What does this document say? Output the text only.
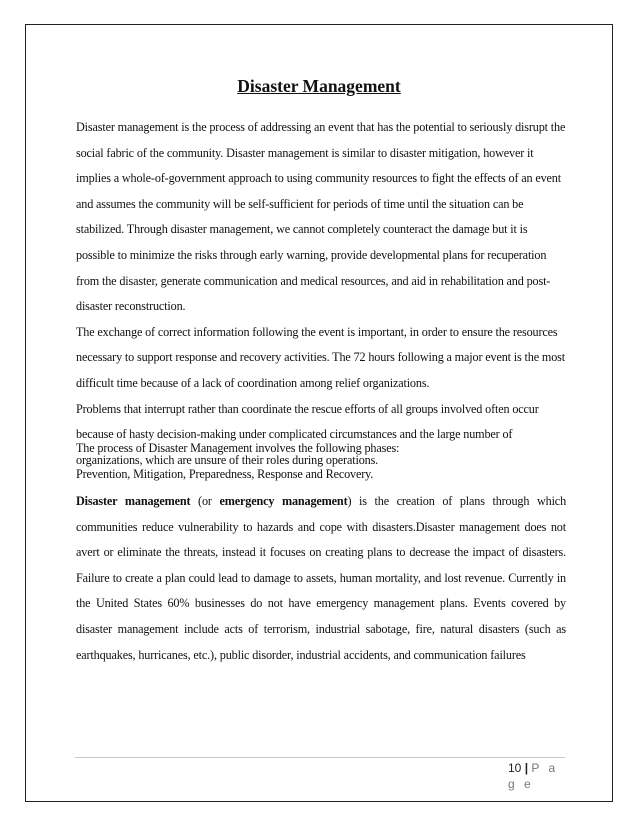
Disaster Management

Disaster management is the process of addressing an event that has the potential to seriously disrupt the social fabric of the community. Disaster management is similar to disaster mitigation, however it implies a whole-of-government approach to using community resources to fight the effects of an event and assumes the community will be self-sufficient for periods of time until the situation can be stabilized. Through disaster management, we cannot completely counteract the damage but it is possible to minimize the risks through early warning, provide developmental plans for recuperation from the disaster, generate communication and medical resources, and aid in rehabilitation and post-disaster reconstruction.

The exchange of correct information following the event is important, in order to ensure the resources necessary to support response and recovery activities. The 72 hours following a major event is the most difficult time because of a lack of coordination among relief organizations.

Problems that interrupt rather than coordinate the rescue efforts of all groups involved often occur because of hasty decision-making under complicated circumstances and the large number of organizations, which are unsure of their roles during operations.

The process of Disaster Management involves the following phases:

Prevention, Mitigation, Preparedness, Response and Recovery.

Disaster management (or emergency management) is the creation of plans through which communities reduce vulnerability to hazards and cope with disasters.Disaster management does not avert or eliminate the threats, instead it focuses on creating plans to decrease the impact of disasters. Failure to create a plan could lead to damage to assets, human mortality, and lost revenue. Currently in the United States 60% businesses do not have emergency management plans. Events covered by disaster management include acts of terrorism, industrial sabotage, fire, natural disasters (such as earthquakes, hurricanes, etc.), public disorder, industrial accidents, and communication failures

10 | P a g e
